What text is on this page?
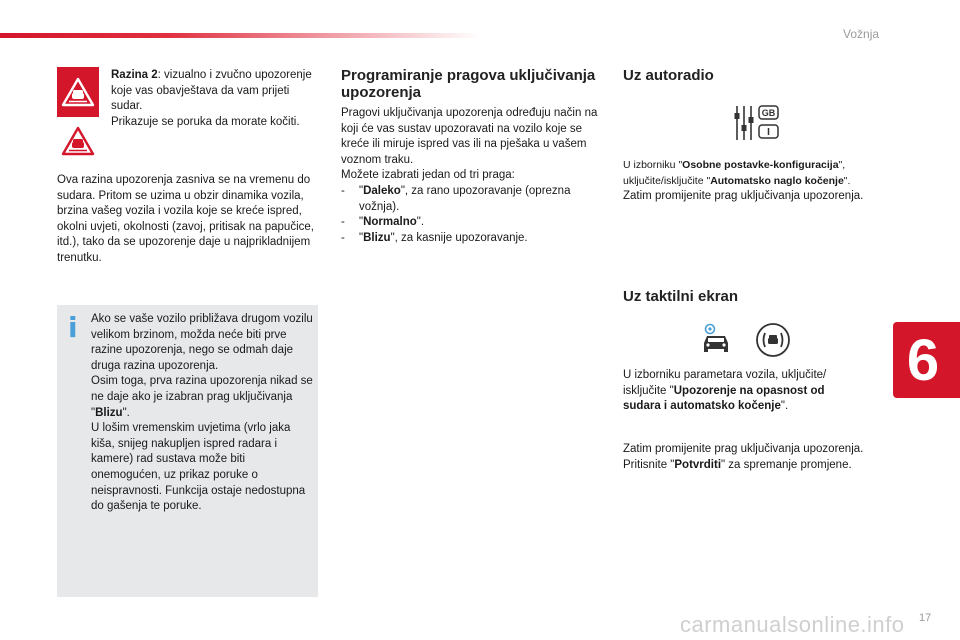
Vožnja
6
Razina 2: vizualno i zvučno upozorenje koje vas obavještava da vam prijeti sudar.
Prikazuje se poruka da morate kočiti.
Ova razina upozorenja zasniva se na vremenu do sudara. Pritom se uzima u obzir dinamika vozila, brzina vašeg vozila i vozila koje se kreće ispred, okolni uvjeti, okolnosti (zavoj, pritisak na papučice, itd.), tako da se upozorenje daje u najprikladnijem trenutku.
i Ako se vaše vozilo približava drugom vozilu velikom brzinom, možda neće biti prve razine upozorenja, nego se odmah daje druga razina upozorenja.
Osim toga, prva razina upozorenja nikad se ne daje ako je izabran prag uključivanja "Blizu".
U lošim vremenskim uvjetima (vrlo jaka kiša, snijeg nakupljen ispred radara i kamere) rad sustava može biti onemogućen, uz prikaz poruke o neispravnosti. Funkcija ostaje nedostupna do gašenja te poruke.
Programiranje pragova uključivanja upozorenja
Pragovi uključivanja upozorenja određuju način na koji će vas sustav upozoravati na vozilo koje se kreće ili miruje ispred vas ili na pješaka u vašem voznom traku.
Možete izabrati jedan od tri praga:
-	"Daleko", za rano upozoravanje (oprezna vožnja).
-	"Normalno".
-	"Blizu", za kasnije upozoravanje.
Uz autoradio
GB
U izborniku "Osobne postavke-konfiguracija", uključite/isključite "Automatsko naglo kočenje".
Zatim promijenite prag uključivanja upozorenja.
Uz taktilni ekran
U izborniku parametara vozila, uključite/ isključite "Upozorenje na opasnost od sudara i automatsko kočenje".
Zatim promijenite prag uključivanja upozorenja.
Pritisnite "Potvrditi" za spremanje promjene.
carmanualsonline.info 17
